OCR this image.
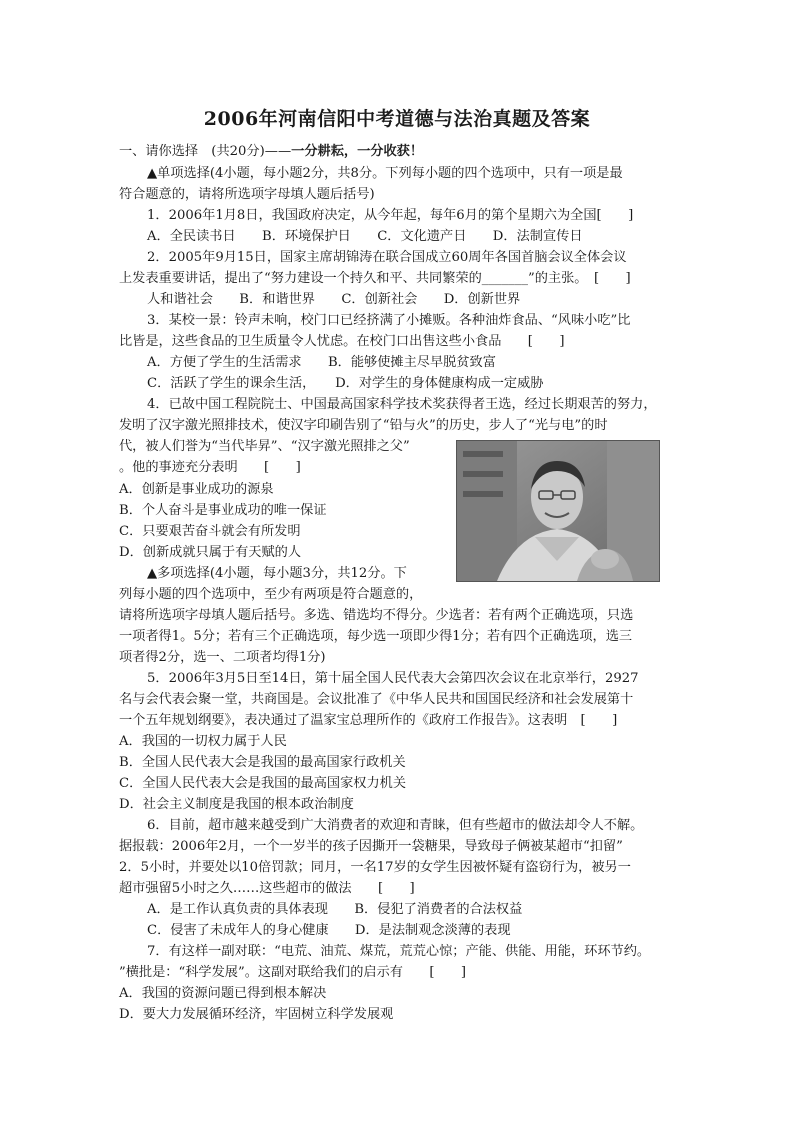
2006年河南信阳中考道德与法治真题及答案
一、请你选择　(共20分)——一分耕耘，一分收获！
▲单项选择(4小题，每小题2分，共8分。下列每小题的四个选项中，只有一项是最
符合题意的，请将所选项字母填人题后括号)
1．2006年1月8日，我国政府决定，从今年起，每年6月的第个星期六为全国[　　]
A．全民读书日　　B．环境保护日　　C．文化遗产日　　D．法制宣传日
2．2005年9月15日，国家主席胡锦涛在联合国成立60周年各国首脑会议全体会议
上发表重要讲话，提出了“努力建设一个持久和平、共同繁荣的_______”的主张。　[　　]
人和谐社会　　B．和谐世界　　C．创新社会　　D．创新世界
3．某校一景：铃声未响，校门口已经挤满了小摊贩。各种油炸食品、“风味小吃”比
比皆是，这些食品的卫生质量令人忧虑。在校门口出售这些小食品　　[　　]
A．方便了学生的生活需求　　B．能够使摊主尽早脱贫致富
C．活跃了学生的课余生活，　　D．对学生的身体健康构成一定威胁
4．已故中国工程院院士、中国最高国家科学技术奖获得者王选，经过长期艰苦的努力，
发明了汉字激光照排技术，使汉字印刷告别了“铅与火”的历史，步人了“光与电”的时
代，被人们誉为“当代毕昇”、“汉字激光照排之父”
。他的事迹充分表明　　[　　]
A．创新是事业成功的源泉
B．个人奋斗是事业成功的唯一保证
C．只要艰苦奋斗就会有所发明
D．创新成就只属于有天赋的人
▲多项选择(4小题，每小题3分，共12分。下
列每小题的四个选项中，至少有两项是符合题意的，
请将所选项字母填人题后括号。多选、错选均不得分。少选者：若有两个正确选项，只选
一项者得1。5分；若有三个正确选项，每少选一项即少得1分；若有四个正确选项，选三
项者得2分，选一、二项者均得1分)
5．2006年3月5日至14日，第十届全国人民代表大会第四次会议在北京举行，2927
名与会代表会聚一堂，共商国是。会议批准了《中华人民共和国国民经济和社会发展第十
一个五年规划纲要》，表决通过了温家宝总理所作的《政府工作报告》。这表明　[　　]
A．我国的一切权力属于人民
B．全国人民代表大会是我国的最高国家行政机关
C．全国人民代表大会是我国的最高国家权力机关
D．社会主义制度是我国的根本政治制度
6．目前，超市越来越受到广大消费者的欢迎和青睐，但有些超市的做法却令人不解。
据报载：2006年2月，一个一岁半的孩子因撕开一袋糖果，导致母子俩被某超市“扣留”
2．5小时，并要处以10倍罚款；同月，一名17岁的女学生因被怀疑有盗窃行为，被另一
超市强留5小时之久……这些超市的做法　　[　　]
A．是工作认真负责的具体表现　　B．侵犯了消费者的合法权益
C．侵害了未成年人的身心健康　　D．是法制观念淡薄的表现
7．有这样一副对联：“电荒、油荒、煤荒，荒荒心惊；产能、供能、用能，环环节约。
”横批是：“科学发展”。这副对联给我们的启示有　　[　　]
A．我国的资源问题已得到根本解决
D．要大力发展循环经济，牢固树立科学发展观
